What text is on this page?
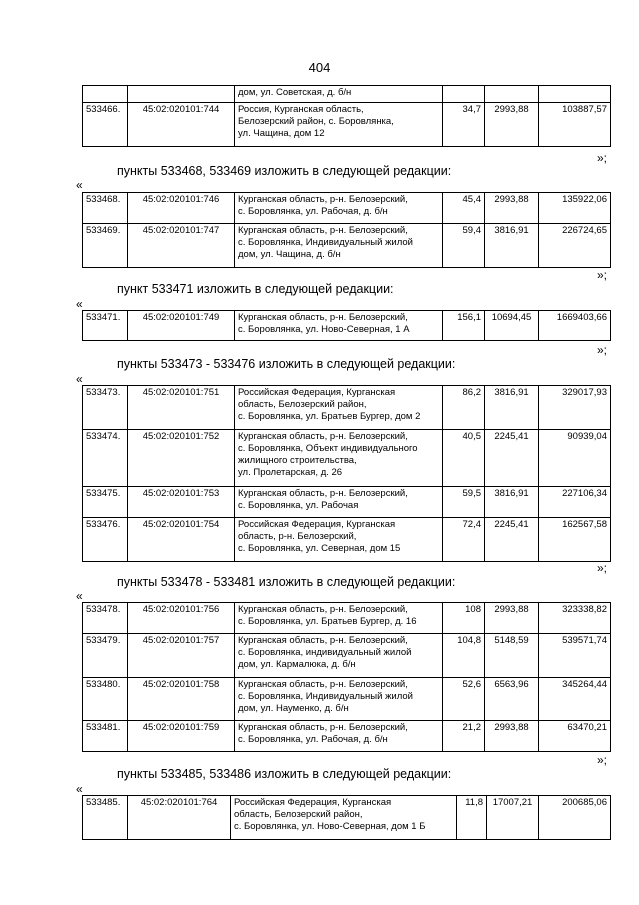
404

		дом, ул. Советская, д. б/н			

533466.	45:02:020101:744	Россия, Курганская область,
Белозерский район, с. Боровлянка,
ул. Чащина, дом 12	34,7	2993,88	103887,57
»;
пункты 533468, 533469 изложить в следующей редакции:
«
533468.	45:02:020101:746	Курганская область, р-н. Белозерский,
с. Боровлянка, ул. Рабочая, д. б/н	45,4	2993,88	135922,06
533469.	45:02:020101:747	Курганская область, р-н. Белозерский,
с. Боровлянка, Индивидуальный жилой
дом, ул. Чащина, д. б/н	59,4	3816,91	226724,65
»;
пункт 533471 изложить в следующей редакции:
«
533471.	45:02:020101:749	Курганская область, р-н. Белозерский,
с. Боровлянка, ул. Ново-Северная, 1 А
	156,1	10694,45	1669403,66
»;
пункты 533473 - 533476 изложить в следующей редакции:
«
533473.	45:02:020101:751	Российская Федерация, Курганская
область, Белозерский район,
с. Боровлянка, ул. Братьев Бургер, дом 2	86,2	3816,91	329017,93
533474.	45:02:020101:752	Курганская область, р-н. Белозерский,
с. Боровлянка, Объект индивидуального
жилищного строительства,
ул. Пролетарская, д. 26	40,5	2245,41	90939,04
533475.	45:02:020101:753	Курганская область, р-н. Белозерский,
с. Боровлянка, ул. Рабочая	59,5	3816,91	227106,34
533476.	45:02:020101:754	Российская Федерация, Курганская
область, р-н. Белозерский,
с. Боровлянка, ул. Северная, дом 15	72,4	2245,41	162567,58
»;
пункты 533478 - 533481 изложить в следующей редакции:
«
533478.	45:02:020101:756	Курганская область, р-н. Белозерский,
с. Боровлянка, ул. Братьев Бургер, д. 16	108	2993,88	323338,82
533479.	45:02:020101:757	Курганская область, р-н. Белозерский,
с. Боровлянка, индивидуальный жилой
дом, ул. Кармалюка, д. б/н	104,8	5148,59	539571,74
533480.	45:02:020101:758	Курганская область, р-н. Белозерский,
с. Боровлянка, Индивидуальный жилой
дом, ул. Науменко, д. б/н	52,6	6563,96	345264,44
533481.	45:02:020101:759	Курганская область, р-н. Белозерский,
с. Боровлянка, ул. Рабочая, д. б/н	21,2	2993,88	63470,21
»;
пункты 533485, 533486 изложить в следующей редакции:
«
533485.	45:02:020101:764	Российская Федерация, Курганская
область, Белозерский район,
с. Боровлянка, ул. Ново-Северная, дом 1 Б
	11,8	17007,21	200685,06
